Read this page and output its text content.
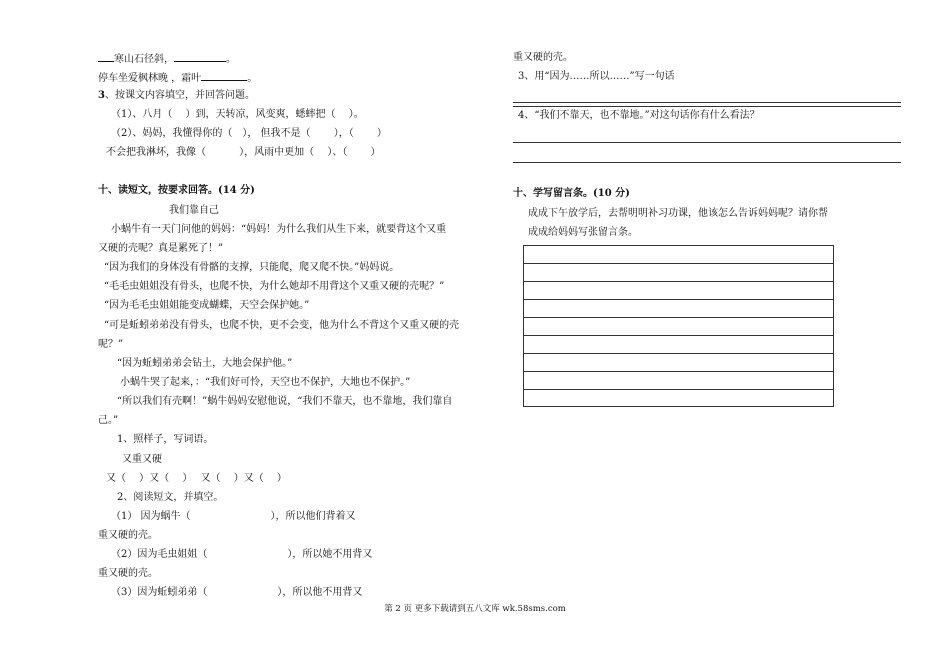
寒山石径斜，	。
停车坐爱枫林晚 ，霜叶	。
3、按课文内容填空，并回答问题。
（1）、八月（　 ）到，天转凉，风变爽，蟋蟀把（　 ）。
（2）、妈妈，我懂得你的（　）， 但我不是（　 　），（ 　　）
不会把我淋坏，我像（ 　　　），风雨中更加（　 ）、（　 　）
十、读短文，按要求回答。(14 分)
我们靠自己
小蜗牛有一天门问他的妈妈：“妈妈！为什么我们从生下来，就要背这个又重
又硬的壳呢？真是累死了！”
“因为我们的身体没有骨骼的支撑，只能爬，爬又爬不快。”妈妈说。
“毛毛虫姐姐没有骨头，也爬不快，为什么她却不用背这个又重又硬的壳呢？”
“因为毛毛虫姐姐能变成蝴蝶，天空会保护她。”
“可是蚯蚓弟弟没有骨头，也爬不快，更不会变，他为什么不背这个又重又硬的壳
呢？”
“因为蚯蚓弟弟会钻土，大地会保护他。”
小蜗牛哭了起来，：“我们好可怜，天空也不保护，大地也不保护。”
“所以我们有壳啊！”蜗牛妈妈安慰他说，“我们不靠天，也不靠地，我们靠自
己。”
1、照样子，写词语。
又重又硬
又（　 ）又（　 ）　 又（　 ）又（　 ）
2、阅读短文，并填空。
（1） 因为蜗牛（　　　　　　　　），所以他们背着又
重又硬的壳。
（2）因为毛虫姐姐（　　　　　　　　），所以她不用背又
重又硬的壳。
（3）因为蚯蚓弟弟（　　　　　　　），所以他不用背又
重又硬的壳。
3、用“因为……所以……”写一句话
4、“我们不靠天，也不靠地。”对这句话你有什么看法？
十、学写留言条。(10 分)
成成下午放学后，去帮明明补习功课，他该怎么告诉妈妈呢？请你帮
成成给妈妈写张留言条。
第 2 页 更多下载请到五八文库 wk.58sms.com
